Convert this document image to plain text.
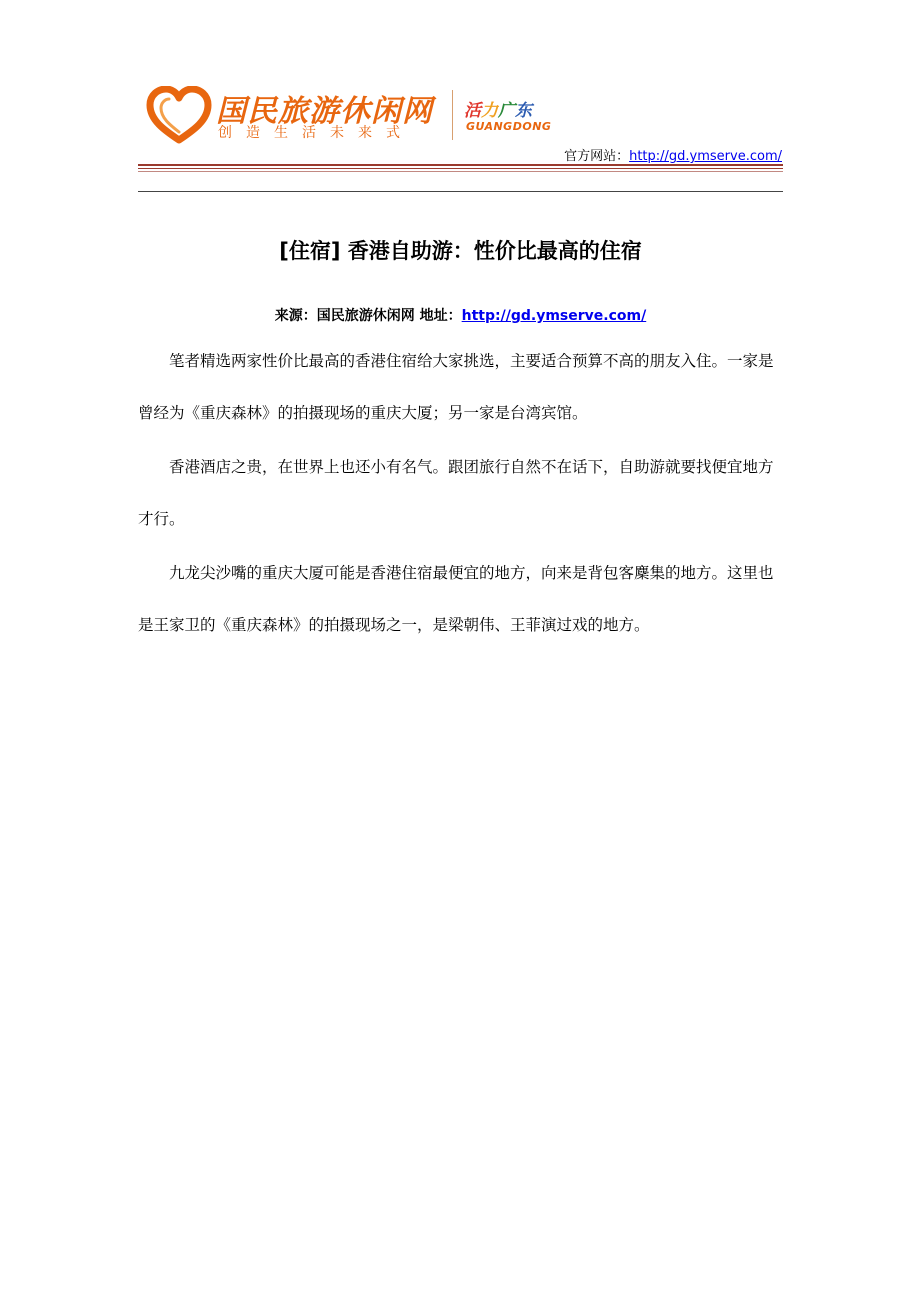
国民旅游休闲网
创造生活未来式
活力广东
GUANGDONG
官方网站：http://gd.ymserve.com/
[住宿] 香港自助游：性价比最高的住宿
来源：国民旅游休闲网 地址：http://gd.ymserve.com/

笔者精选两家性价比最高的香港住宿给大家挑选，主要适合预算不高的朋友入住。一家是曾经为《重庆森林》的拍摄现场的重庆大厦；另一家是台湾宾馆。

香港酒店之贵，在世界上也还小有名气。跟团旅行自然不在话下，自助游就要找便宜地方才行。

九龙尖沙嘴的重庆大厦可能是香港住宿最便宜的地方，向来是背包客麇集的地方。这里也是王家卫的《重庆森林》的拍摄现场之一，是梁朝伟、王菲演过戏的地方。
